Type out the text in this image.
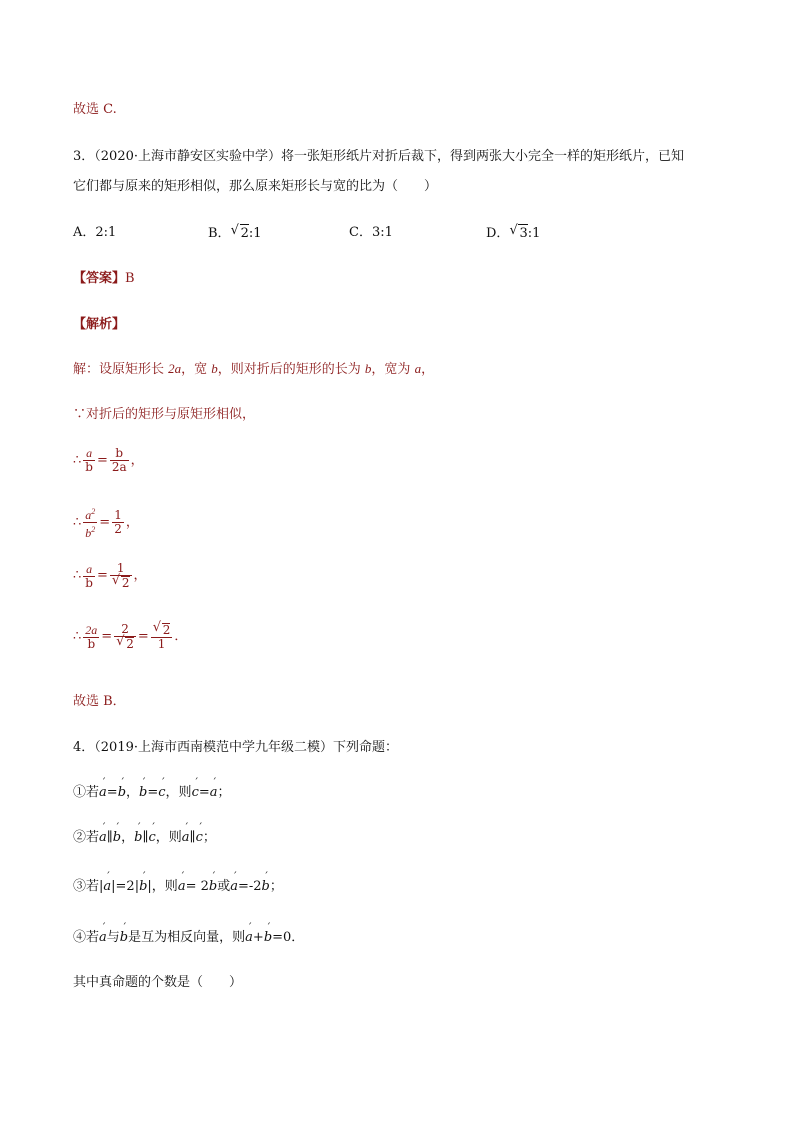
故选 C.
3．（2020·上海市静安区实验中学）将一张矩形纸片对折后裁下，得到两张大小完全一样的矩形纸片，已知
它们都与原来的矩形相似，那么原来矩形长与宽的比为（　　）
A．2:1	B． √ 2:1	C．3:1	D． √ 3:1
【答案】B
【解析】
解：设原矩形长 2a，宽 b，则对折后的矩形的长为 b，宽为 a，
∵对折后的矩形与原矩形相似，
∴ $\frac{a}{b} = \frac{b}{2a}$ ，
∴ $\frac{a^2}{b^2} = \frac{1}{2}$ ，
∴ $\frac{a}{b} = 1$
√ 2 ，
∴ $\frac{2a}{b} = 2$
√ 2 = √ $\frac{2}{1}$ ．
故选 B．
4．（2019·上海市西南模范中学九年级二模）下列命题：
①若ˊ a=ˊ b，ˊ b=ˊ c，则ˊ c=ˊ a；
②若ˊ a∥ˊ b，ˊ b∥ˊ c，则ˊ a∥ˊ c；
③若|ˊ a|=2|ˊ b|，则ˊ a= 2ˊ b或ˊ a=-2ˊ b；
④若ˊ a与ˊ b是互为相反向量，则ˊ a+ˊ b=0．
其中真命题的个数是（　　）
